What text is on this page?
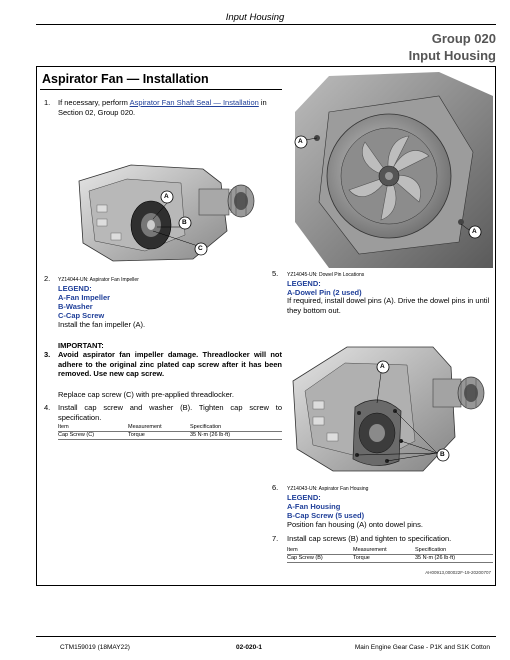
Input Housing
Group 020
Input Housing
Aspirator Fan — Installation
1. If necessary, perform Aspirator Fan Shaft Seal — Installation in Section 02, Group 020.
A
B
C
2. YZ14044-UN: Aspirator Fan Impeller
LEGEND:
A-Fan Impeller
B-Washer
C-Cap Screw
Install the fan impeller (A).
IMPORTANT:
3. Avoid aspirator fan impeller damage. Threadlocker will not adhere to the original zinc plated cap screw after it has been removed. Use new cap screw.
Replace cap screw (C) with pre-applied threadlocker.
4. Install cap screw and washer (B). Tighten cap screw to specification.
Item	Measurement	Specification
Cap Screw (C)	Torque	35 N·m (26 lb·ft)
A
A
5. YZ14045-UN: Dowel Pin Locations
LEGEND:
A-Dowel Pin (2 used)
If required, install dowel pins (A). Drive the dowel pins in until they bottom out.
A
B
6. YZ14043-UN: Aspirator Fan Housing
LEGEND:
A-Fan Housing
B-Cap Screw (5 used)
Position fan housing (A) onto dowel pins.
7. Install cap screws (B) and tighten to specification.
Item	Measurement	Specification
Cap Screw (B)	Torque	35 N·m (26 lb·ft)
AH00913,000022F-19-20200707
CTM159019 (18MAY22)	02-020-1	Main Engine Gear Case - P1K and S1K Cotton
